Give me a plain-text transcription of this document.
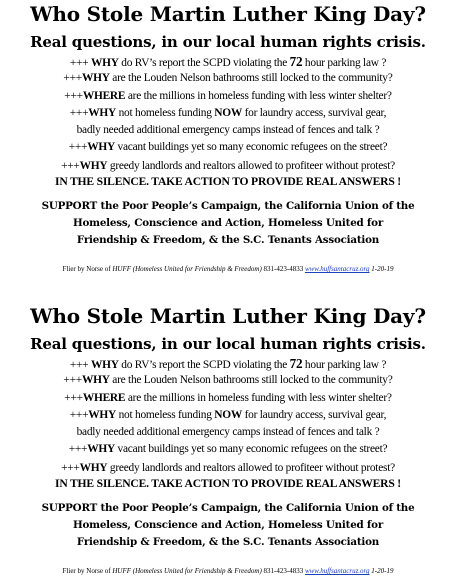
Who Stole Martin Luther King Day?
Real questions, in our local human rights crisis.
+++ WHY do RV’s report the SCPD violating the 72 hour parking law ?
+++WHY are the Louden Nelson bathrooms still locked to the community?
+++WHERE are the millions in homeless funding with less winter shelter?
+++WHY not homeless funding NOW for laundry access, survival gear,
badly needed additional emergency camps instead of fences and talk ?
+++WHY vacant buildings yet so many economic refugees on the street?
+++WHY greedy landlords and realtors allowed to profiteer without protest?
IN THE SILENCE. TAKE ACTION TO PROVIDE REAL ANSWERS !
SUPPORT the Poor People’s Campaign, the California Union of the
Homeless, Conscience and Action, Homeless United for
Friendship & Freedom, & the S.C. Tenants Association
Flier by Norse of HUFF (Homeless United for Friendship & Freedom) 831-423-4833 www.huffsantacruz.org 1-20-19
Who Stole Martin Luther King Day?
Real questions, in our local human rights crisis.
+++ WHY do RV’s report the SCPD violating the 72 hour parking law ?
+++WHY are the Louden Nelson bathrooms still locked to the community?
+++WHERE are the millions in homeless funding with less winter shelter?
+++WHY not homeless funding NOW for laundry access, survival gear,
badly needed additional emergency camps instead of fences and talk ?
+++WHY vacant buildings yet so many economic refugees on the street?
+++WHY greedy landlords and realtors allowed to profiteer without protest?
IN THE SILENCE. TAKE ACTION TO PROVIDE REAL ANSWERS !
SUPPORT the Poor People’s Campaign, the California Union of the
Homeless, Conscience and Action, Homeless United for
Friendship & Freedom, & the S.C. Tenants Association
Flier by Norse of HUFF (Homeless United for Friendship & Freedom) 831-423-4833 www.huffsantacruz.org 1-20-19
